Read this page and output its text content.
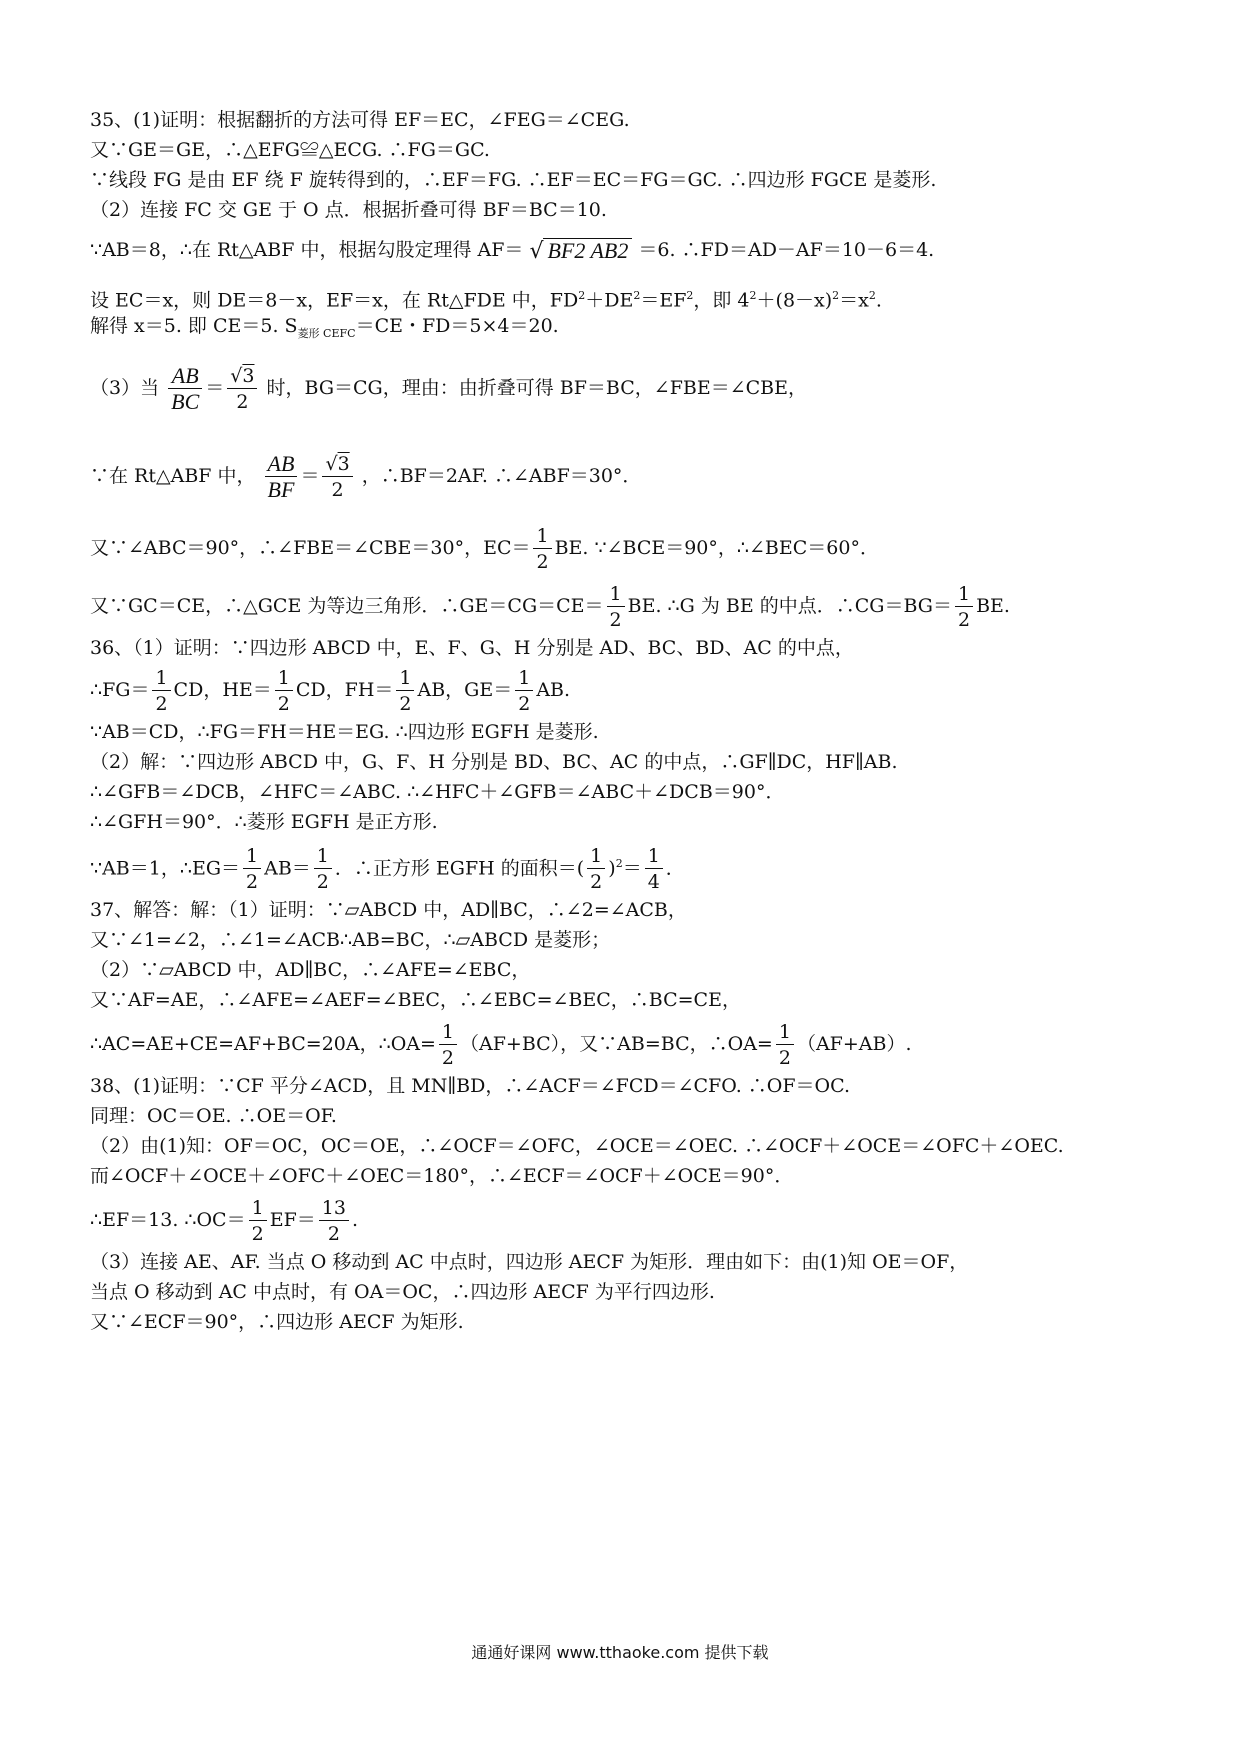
35、(1)证明：根据翻折的方法可得 EF＝EC，∠FEG＝∠CEG.
又∵GE＝GE，∴△EFG≌△ECG. ∴FG＝GC.
∵线段 FG 是由 EF 绕 F 旋转得到的，∴EF＝FG. ∴EF＝EC＝FG＝GC. ∴四边形 FGCE 是菱形.
（2）连接 FC 交 GE 于 O 点．根据折叠可得 BF＝BC＝10.
∵AB＝8，∴在 Rt△ABF 中，根据勾股定理得 AF＝ √ BF2 AB2 ＝6. ∴FD＝AD－AF＝10－6＝4.
设 EC＝x，则 DE＝8－x，EF＝x，在 Rt△FDE 中，$FD^2+DE^2=EF^2$，即 $4^2+(8-x)^2=x^2$.
解得 x＝5. 即 CE＝5. $S_{菱形 CEFC}=CE$・FD＝5×4＝20.
（3）当 $\frac{AB}{BC} = \frac{√3}{2}$ 时，BG＝CG，理由：由折叠可得 BF＝BC，∠FBE＝∠CBE，
∵在 Rt△ABF 中， $\frac{AB}{BF} = \frac{√3}{2}$ ，∴BF＝2AF. ∴∠ABF＝30°．
又∵∠ABC＝90°，∴∠FBE＝∠CBE＝30°，$EC= \frac{1}{2}$ BE. ∵∠BCE＝90°，∴∠BEC＝60°．
又∵GC＝CE，∴△GCE 为等边三角形．∴GE＝CG＝CE＝ $\frac{1}{2}$ BE. ∴G 为 BE 的中点．∴CG＝BG＝ $\frac{1}{2}$ BE.
36、（1）证明：∵四边形 ABCD 中，E、F、G、H 分别是 AD、BC、BD、AC 的中点，
∴FG＝ $\frac{1}{2}$ CD，$HE= \frac{1}{2}$ CD，$FH= \frac{1}{2}$ AB，$GE= \frac{1}{2}$ AB.
∵AB＝CD，∴FG＝FH＝HE＝EG. ∴四边形 EGFH 是菱形.
（2）解：∵四边形 ABCD 中，G、F、H 分别是 BD、BC、AC 的中点，∴GF∥DC，HF∥AB.
∴∠GFB＝∠DCB，∠HFC＝∠ABC. ∴∠HFC＋∠GFB＝∠ABC＋∠DCB＝90°．
∴∠GFH＝90°．∴菱形 EGFH 是正方形.
∵AB＝1，∴EG＝ $\frac{1}{2} AB= \frac{1}{2}$ ．∴正方形 EGFH 的面积＝( $\frac{1}{2} )^2= \frac{1}{4}$ ．
37、解答：解：（1）证明：∵▱ABCD 中，AD∥BC，∴∠2=∠ACB，
又∵∠1=∠2，∴∠1=∠ACB∴AB=BC，∴▱ABCD 是菱形；
（2）∵▱ABCD 中，AD∥BC，∴∠AFE=∠EBC，
又∵AF=AE，∴∠AFE=∠AEF=∠BEC，∴∠EBC=∠BEC，∴BC=CE，
∴AC=AE+CE=AF+BC=20A，∴OA= $\frac{1}{2} (AF+BC)$，又∵AB=BC，∴OA= $\frac{1}{2} (AF+AB)$.
38、(1)证明：∵CF 平分∠ACD，且 MN∥BD，∴∠ACF＝∠FCD＝∠CFO. ∴OF＝OC.
同理：OC＝OE. ∴OE＝OF.
（2）由(1)知：OF＝OC，OC＝OE，∴∠OCF＝∠OFC，∠OCE＝∠OEC. ∴∠OCF＋∠OCE＝∠OFC＋∠OEC.
而∠OCF＋∠OCE＋∠OFC＋∠OEC＝180°，∴∠ECF＝∠OCF＋∠OCE＝90°．
∴EF＝13. ∴OC＝ $\frac{1}{2} EF= \frac{13}{2}$ .
（3）连接 AE、AF. 当点 O 移动到 AC 中点时，四边形 AECF 为矩形．理由如下：由(1)知 OE＝OF，
当点 O 移动到 AC 中点时，有 OA＝OC，∴四边形 AECF 为平行四边形.
又∵∠ECF＝90°，∴四边形 AECF 为矩形.
通通好课网 www.tthaoke.com 提供下载
